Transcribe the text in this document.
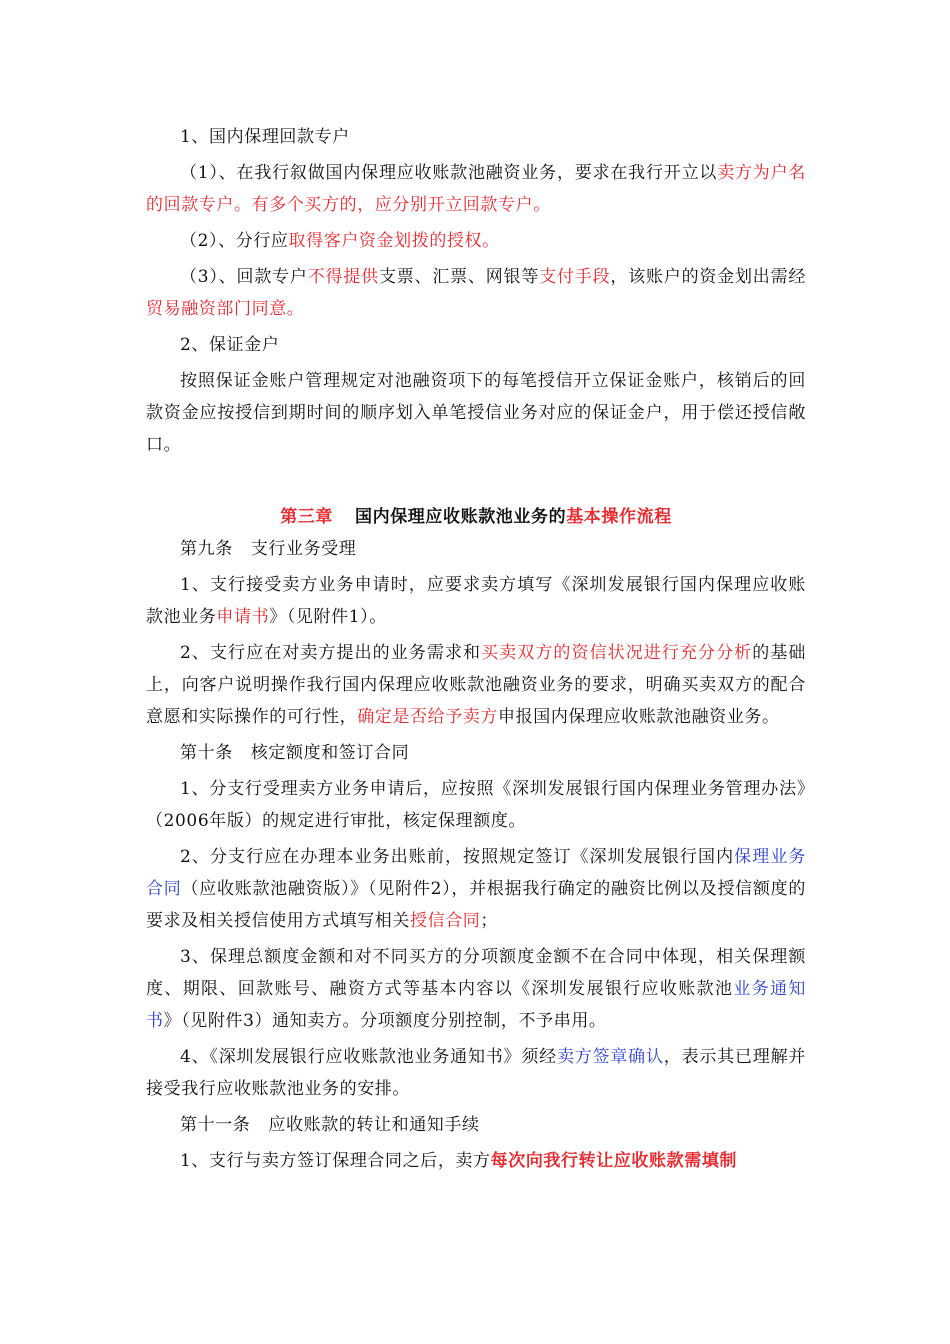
1、国内保理回款专户

（1）、在我行叙做国内保理应收账款池融资业务，要求在我行开立以卖方为户名的回款专户。有多个买方的，应分别开立回款专户。

（2）、分行应取得客户资金划拨的授权。

（3）、回款专户不得提供支票、汇票、网银等支付手段，该账户的资金划出需经贸易融资部门同意。

2、保证金户

按照保证金账户管理规定对池融资项下的每笔授信开立保证金账户，核销后的回款资金应按授信到期时间的顺序划入单笔授信业务对应的保证金户，用于偿还授信敞口。

第三章 国内保理应收账款池业务的基本操作流程

第九条 支行业务受理

1、支行接受卖方业务申请时，应要求卖方填写《深圳发展银行国内保理应收账款池业务申请书》（见附件1）。

2、支行应在对卖方提出的业务需求和买卖双方的资信状况进行充分分析的基础上，向客户说明操作我行国内保理应收账款池融资业务的要求，明确买卖双方的配合意愿和实际操作的可行性，确定是否给予卖方申报国内保理应收账款池融资业务。

第十条 核定额度和签订合同

1、分支行受理卖方业务申请后，应按照《深圳发展银行国内保理业务管理办法》（2006年版）的规定进行审批，核定保理额度。

2、分支行应在办理本业务出账前，按照规定签订《深圳发展银行国内保理业务合同（应收账款池融资版）》（见附件2），并根据我行确定的融资比例以及授信额度的要求及相关授信使用方式填写相关授信合同；

3、保理总额度金额和对不同买方的分项额度金额不在合同中体现，相关保理额度、期限、回款账号、融资方式等基本内容以《深圳发展银行应收账款池业务通知书》（见附件3）通知卖方。分项额度分别控制，不予串用。

4、《深圳发展银行应收账款池业务通知书》须经卖方签章确认，表示其已理解并接受我行应收账款池业务的安排。

第十一条 应收账款的转让和通知手续

1、支行与卖方签订保理合同之后，卖方每次向我行转让应收账款需填制
